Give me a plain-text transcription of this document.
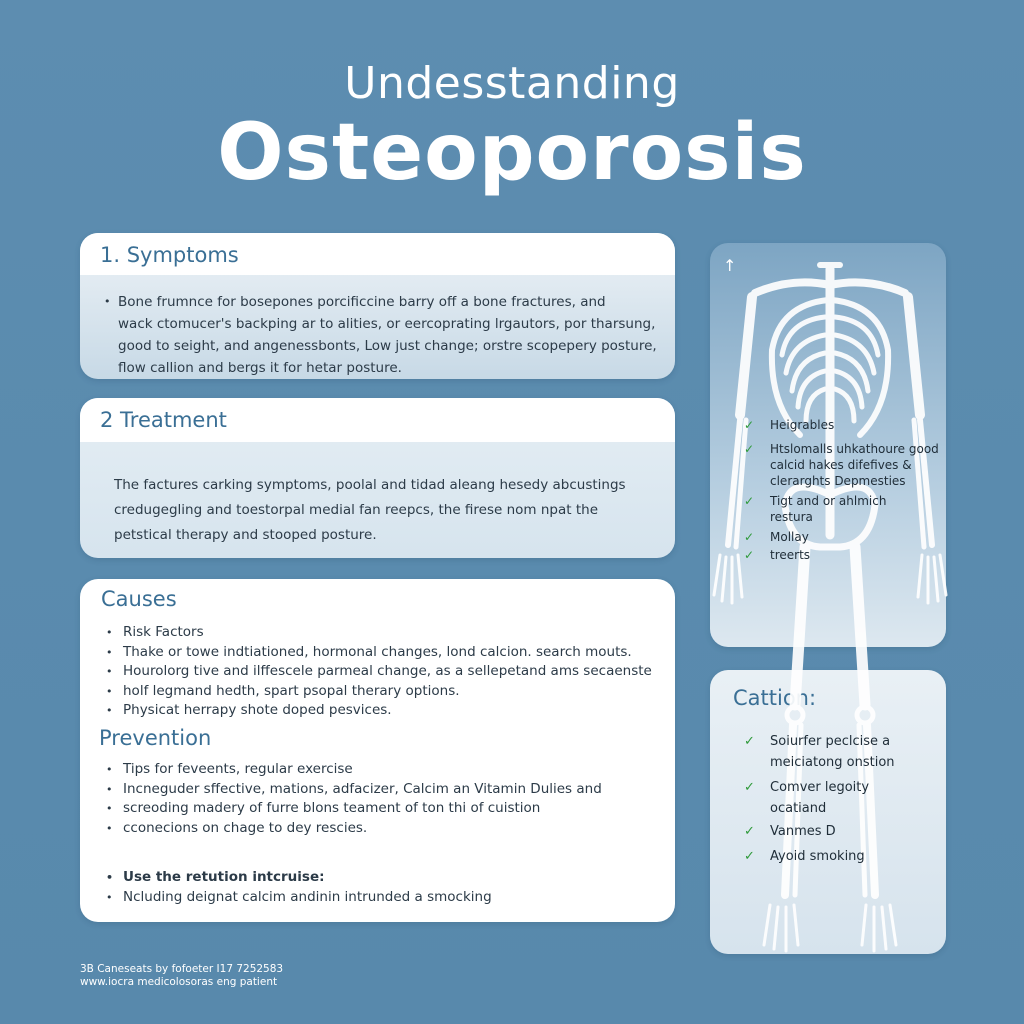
Undesstanding
Osteoporosis
1. Symptoms
• Bone frumnce for bosepones porcificcine barry off a bone fractures, and
wack ctomucer's backping ar to alities, or eercoprating lrgautors, por tharsung,
good to seight, and angenessbonts, Low just change; orstre scopepery posture,
flow callion and bergs it for hetar posture.
2 Treatment
The factures carking symptoms, poolal and tidad aleang hesedy abcustings
credugegling and toestorpal medial fan reepcs, the firese nom npat the
petstical therapy and stooped posture.
Causes
• Risk Factors
• Thake or towe indtiationed, hormonal changes, lond calcion. search mouts.
• Hourolorg tive and ilffescele parmeal change, as a sellepetand ams secaenste
• holf legmand hedth, spart psopal therary options.
• Physicat herrapy shote doped pesvices.
Prevention
• Tips for feveents, regular exercise
• Incneguder sffective, mations, adfacizer, Calcim an Vitamin Dulies and
• screoding madery of furre blons teament of ton thi of cuistion
• cconecions on chage to dey rescies.
• Use the retution intcruise:
• Ncluding deignat calcim andinin intrunded a smocking
Cattion:
↑
✓ Heigrables
✓ Htslomalls uhkathoure good calcid hakes difefives & clerarghts Depmesties
✓ Tigt and or ahlmich restura
✓ Mollay
✓ treerts
✓ Soiurfer peclcise a meiciatong onstion
✓ Comver legoity ocatiand
✓ Vanmes D
✓ Ayoid smoking
3B Caneseats by fofoeter I17 7252583
www.iocra medicolosoras eng patient
